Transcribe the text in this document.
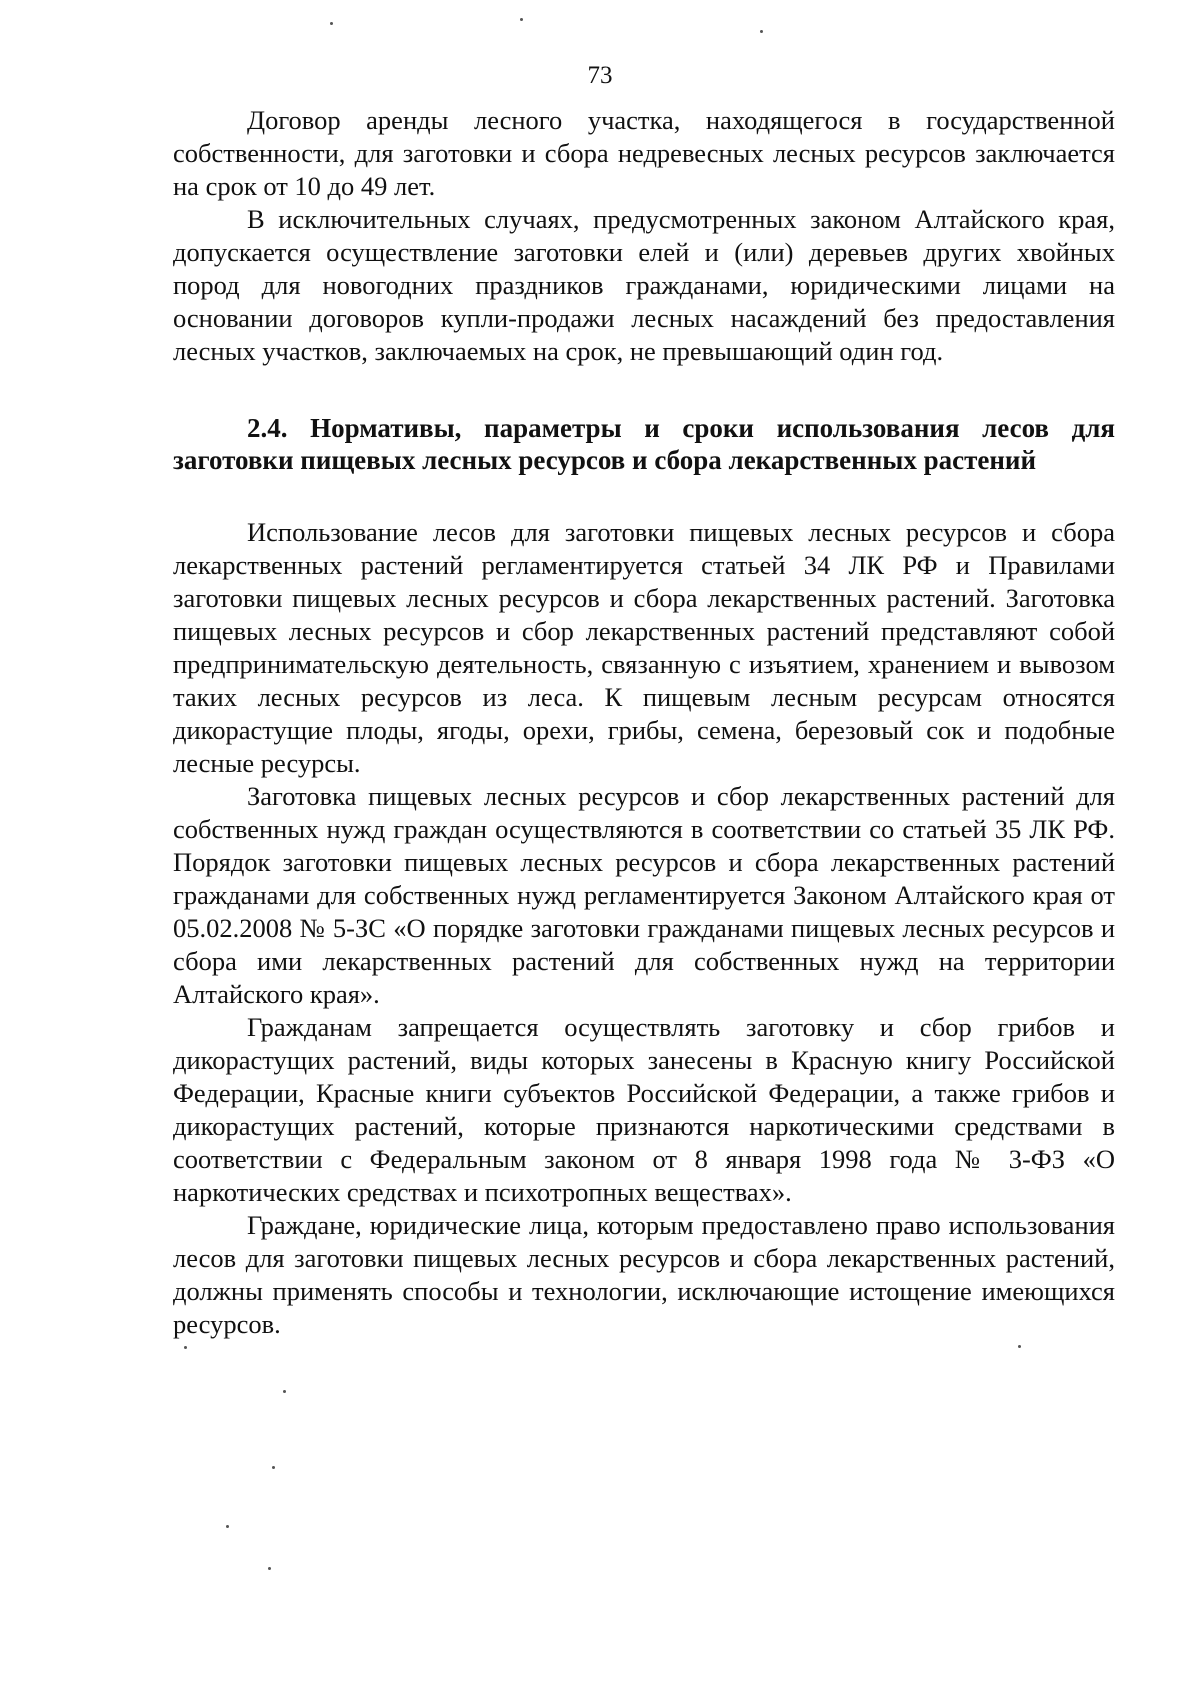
73

Договор аренды лесного участка, находящегося в государственной собственности, для заготовки и сбора недревесных лесных ресурсов заключается на срок от 10 до 49 лет.

В исключительных случаях, предусмотренных законом Алтайского края, допускается осуществление заготовки елей и (или) деревьев других хвойных пород для новогодних праздников гражданами, юридическими лицами на основании договоров купли-продажи лесных насаждений без предоставления лесных участков, заключаемых на срок, не превышающий один год.

2.4. Нормативы, параметры и сроки использования лесов для заготовки пищевых лесных ресурсов и сбора лекарственных растений

Использование лесов для заготовки пищевых лесных ресурсов и сбора лекарственных растений регламентируется статьей 34 ЛК РФ и Правилами заготовки пищевых лесных ресурсов и сбора лекарственных растений. Заготовка пищевых лесных ресурсов и сбор лекарственных растений представляют собой предпринимательскую деятельность, связанную с изъятием, хранением и вывозом таких лесных ресурсов из леса. К пищевым лесным ресурсам относятся дикорастущие плоды, ягоды, орехи, грибы, семена, березовый сок и подобные лесные ресурсы.

Заготовка пищевых лесных ресурсов и сбор лекарственных растений для собственных нужд граждан осуществляются в соответствии со статьей 35 ЛК РФ. Порядок заготовки пищевых лесных ресурсов и сбора лекарственных растений гражданами для собственных нужд регламентируется Законом Алтайского края от 05.02.2008 № 5-ЗС «О порядке заготовки гражданами пищевых лесных ресурсов и сбора ими лекарственных растений для собственных нужд на территории Алтайского края».

Гражданам запрещается осуществлять заготовку и сбор грибов и дикорастущих растений, виды которых занесены в Красную книгу Российской Федерации, Красные книги субъектов Российской Федерации, а также грибов и дикорастущих растений, которые признаются наркотическими средствами в соответствии с Федеральным законом от 8 января 1998 года № 3-ФЗ «О наркотических средствах и психотропных веществах».

Граждане, юридические лица, которым предоставлено право использования лесов для заготовки пищевых лесных ресурсов и сбора лекарственных растений, должны применять способы и технологии, исключающие истощение имеющихся ресурсов.
